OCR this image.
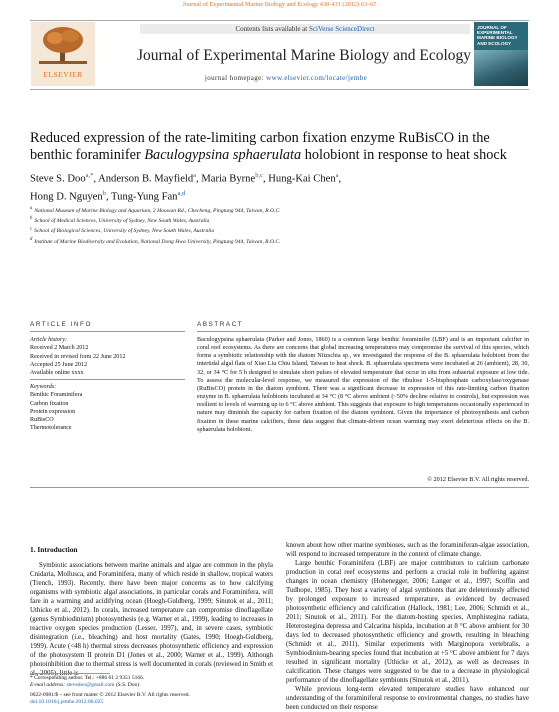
Journal of Experimental Marine Biology and Ecology 430-431 (2012) 63–67
ELSEVIER
Contents lists available at SciVerse ScienceDirect
Journal of Experimental Marine Biology and Ecology
journal homepage: www.elsevier.com/locate/jembe
JOURNAL OF EXPERIMENTAL MARINE BIOLOGY AND ECOLOGY
Reduced expression of the rate-limiting carbon fixation enzyme RuBisCO in the benthic foraminifer Baculogypsina sphaerulata holobiont in response to heat shock
Steve S. Doo$^{a,*}$, Anderson B. Mayfield$^a$, Maria Byrne$^{b,c}$, Hung-Kai Chen$^a$,
Hong D. Nguyen$^b$, Tung-Yung Fan$^{a,d}$
$^a$ National Museum of Marine Biology and Aquarium, 2 Houwan Rd., Checheng, Pingtung 944, Taiwan, R.O.C.
$^b$ School of Medical Sciences, University of Sydney, New South Wales, Australia
$^c$ School of Biological Sciences, University of Sydney, New South Wales, Australia
$^d$ Institute of Marine Biodiversity and Evolution, National Dong Hwa University, Pingtung 944, Taiwan, R.O.C.
ARTICLE INFO	ABSTRACT
Article history:
Received 2 March 2012
Received in revised form 22 June 2012
Accepted 25 June 2012
Available online xxxx
Keywords:
Benthic Foraminifera
Carbon fixation
Protein expression
RuBisCO
Thermotolerance
Baculogypsina sphaerulata (Parker and Jones, 1860) is a common large benthic foraminifer (LBF) and is an important calcifier in coral reef ecosystems. As there are concerns that global increasing temperatures may compromise the survival of this species, which forms a symbiotic relationship with the diatom Nitzschia sp., we investigated the response of the B. sphaerulata holobiont from the intertidal algal flats of Xiao Liu Chiu Island, Taiwan to heat shock. B. sphaerulata specimens were incubated at 26 (ambient), 28, 30, 32, or 34 °C for 5 h designed to simulate short pulses of elevated temperature that occur in situ from subaerial exposure at low tide. To assess the molecular-level response, we measured the expression of the ribulose 1-5-bisphosphate carboxylase/oxygenase (RuBisCO) protein in the diatom symbiont. There was a significant decrease in expression of this rate-limiting carbon fixation enzyme in B. sphaerulata holobionts incubated at 34 °C (8 °C above ambient (~50% decline relative to controls), but expression was resilient to levels of warming up to 6 °C above ambient. This suggests that exposure to high temperatures occasionally experienced in nature may diminish the capacity for carbon fixation of the diatom symbiont. Given the importance of photosynthesis and carbon fixation in these marine calcifiers, these data suggest that climate-driven ocean warming may exert deleterious effects on the B. sphaerulata holobiont.
© 2012 Elsevier B.V. All rights reserved.
1. Introduction

Symbiotic associations between marine animals and algae are common in the phyla Cnidaria, Mollusca, and Foraminifera, many of which reside in shallow, tropical waters (Trench, 1993). Recently, there have been major concerns as to how calcifying organisms with symbiotic algal associations, in particular corals and Foraminifera, will fare in a warming and acidifying ocean (Hoegh-Guldberg, 1999; Sinutok et al., 2011; Uthicke et al., 2012). In corals, increased temperature can compromise dinoflagellate (genus Symbiodinium) photosynthesis (e.g. Warner et al., 1999), leading to increases in reactive oxygen species production (Lesser, 1997), and, in severe cases, symbiotic disintegration (i.e., bleaching) and host mortality (Gates, 1990; Hoegh-Guldberg, 1999). Acute (<48 h) thermal stress decreases photosynthetic efficiency and expression of the photosystem II protein D1 (Jones et al., 2000; Warner et al., 1999). Although photoinhibition due to thermal stress is well documented in corals (reviewed in Smith et

known about how other marine symbioses, such as the foraminiferan-algae association, will respond to increased temperature in the context of climate change.

Large benthic Foraminifera (LBF) are major contributors to calcium carbonate production in coral reef ecosystems and perform a crucial role in buffering against changes in ocean chemistry (Hohenegger, 2006; Langer et al., 1997; Scoffin and Tudhope, 1985). They host a variety of algal symbionts that are deleteriously affected by prolonged exposure to increased temperature, as evidenced by decreased photosynthetic efficiency and calcification (Hallock, 1981; Lee, 2006; Schmidt et al., 2011; Sinutok et al., 2011). For the diatom-hosting species, Amphistegina radiata, Heterostegina depressa and Calcarina hispida, incubation at 8 °C above ambient for 30 days led to decreased photosynthetic efficiency and growth, resulting in bleaching (Schmidt et al., 2011). Similar experiments with Marginopora vertebralis, a Symbiodinium-bearing species found that incubation at +5 °C above ambient for 7 days resulted in significant mortality (Uthicke et al., 2012), as well as decreases in calcification. These changes were suggested to be due to a decrease in physiological performance of the dinoflagellate symbionts (Sinutok et al., 2011).

While previous long-term elevated temperature studies have enhanced our understanding of the foraminiferal response to environmental changes, no studies have been conducted on their response

* Corresponding author. Tel.: +886 61 2 9351 5166.
E-mail address: stevedoo@gmail.com (S.S. Doo).
0022-0981/$ – see front matter © 2012 Elsevier B.V. All rights reserved.
doi:10.1016/j.jembe.2012.06.025
